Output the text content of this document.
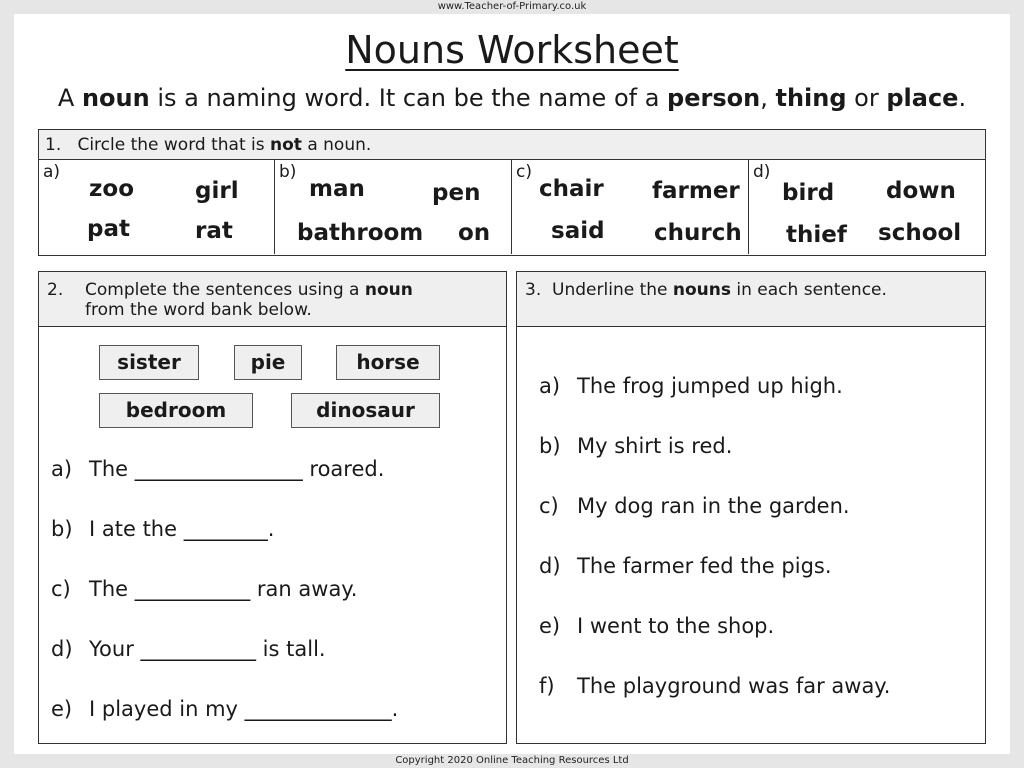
www.Teacher-of-Primary.co.uk
Nouns Worksheet

A noun is a naming word. It can be the name of a person, thing or place.

1. Circle the word that is not a noun.
a)
zoo	girl
pat	rat
b)
man	pen
bathroom on
c)
chair farmer
said church
d)
bird down
thief school
2.	Complete the sentences using a noun
from the word bank below.
sister	pie	horse
bedroom	dinosaur
a) The ________________ roared.
b) I ate the ________.
c) The ___________ ran away.
d) Your ___________ is tall.
e) I played in my ______________.
3. Underline the nouns in each sentence.
a) The frog jumped up high.
b) My shirt is red.
c) My dog ran in the garden.
d) The farmer fed the pigs.
e) I went to the shop.
f)	The playground was far away.
Copyright 2020 Online Teaching Resources Ltd
